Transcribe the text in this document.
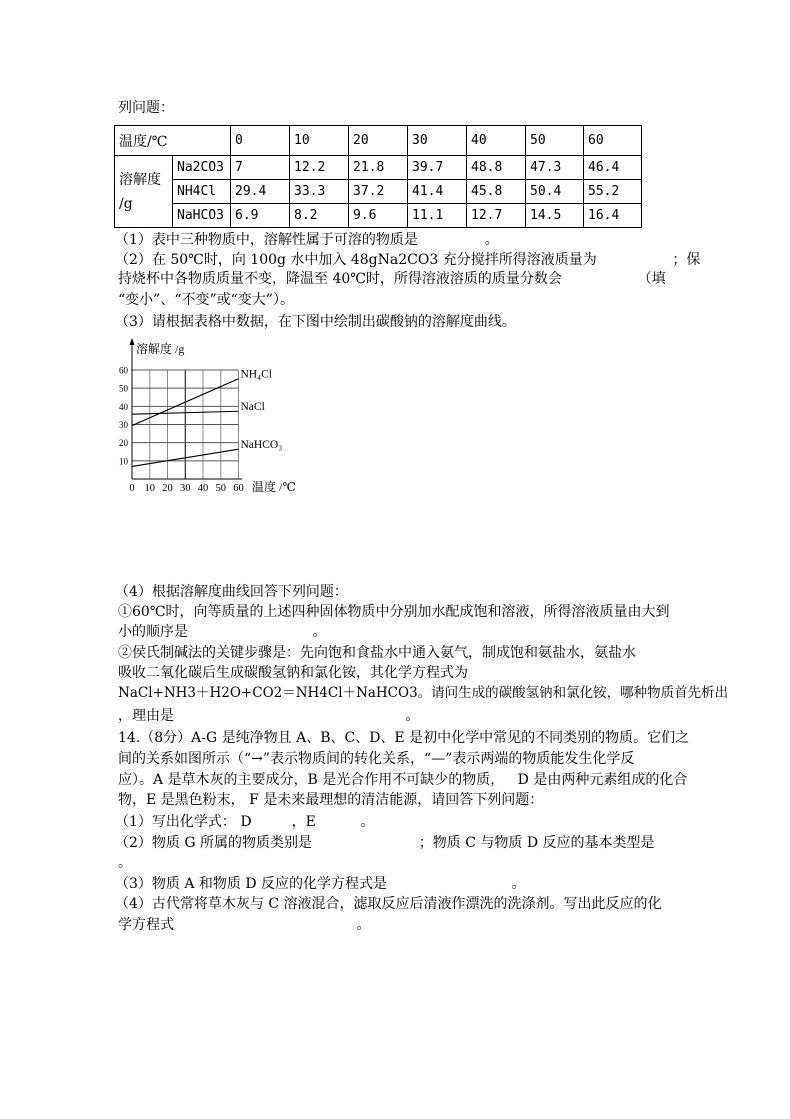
列问题：
温度/℃		0	10	20	30	40	50	60
溶解度
/g	Na2CO3	7	12.2	21.8	39.7	48.8	47.3	46.4
	NH4Cl	29.4	33.3	37.2	41.4	45.8	50.4	55.2
	NaHCO3	6.9	8.2	9.6	11.1	12.7	14.5	16.4
（1）表中三种物质中，溶解性属于可溶的物质是               。
（2）在 50℃时，向 100g 水中加入 48gNa2CO3 充分搅拌所得溶液质量为                 ；保
持烧杯中各物质质量不变，降温至 40℃时，所得溶液溶质的质量分数会                 （填
“变小”、“不变”或“变大”）。
（3）请根据表格中数据，在下图中绘制出碳酸钠的溶解度曲线。
溶解度 /g
温度 /℃
0 10 20 30 40 50 60
10
20
30
40
50
60	NH₄Cl
NaCl
NaHCO₃
（4）根据溶解度曲线回答下列问题：
①60℃时，向等质量的上述四种固体物质中分别加水配成饱和溶液，所得溶液质量由大到
小的顺序是                            。
②侯氏制碱法的关键步骤是：先向饱和食盐水中通入氨气，制成饱和氨盐水，氨盐水
吸收二氧化碳后生成碳酸氢钠和氯化铵，其化学方程式为
NaCl+NH3＋H2O+CO2＝NH4Cl＋NaHCO3。请问生成的碳酸氢钠和氯化铵，哪种物质首先析出
，理由是                                                    。
14.（8分）A-G 是纯净物且 A、B、C、D、E 是初中化学中常见的不同类别的物质。它们之
间的关系如图所示（“→”表示物质间的转化关系，“—”表示两端的物质能发生化学反
应）。A 是草木灰的主要成分，B 是光合作用不可缺少的物质，   D 是由两种元素组成的化合
物，E 是黑色粉末， F 是未来最理想的清洁能源，请回答下列问题：
（1）写出化学式： D         ，E          。
（2）物质 G 所属的物质类别是                        ；物质 C 与物质 D 反应的基本类型是
。
（3）物质 A 和物质 D 反应的化学方程式是                            。
（4）古代常将草木灰与 C 溶液混合，滤取反应后清液作漂洗的洗涤剂。写出此反应的化
学方程式                                         。
